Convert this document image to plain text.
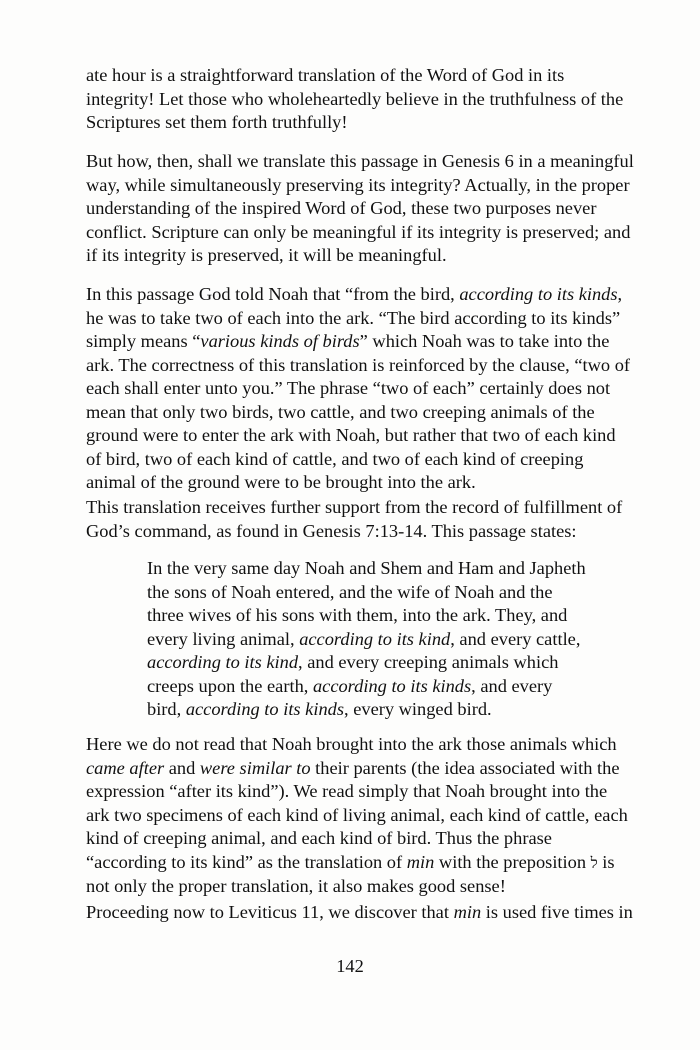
ate hour is a straightforward translation of the Word of God in its integrity! Let those who wholeheartedly believe in the truthfulness of the Scriptures set them forth truthfully!

But how, then, shall we translate this passage in Genesis 6 in a meaningful way, while simultaneously preserving its integrity? Actually, in the proper understanding of the inspired Word of God, these two purposes never conflict. Scripture can only be meaningful if its integrity is preserved; and if its integrity is preserved, it will be meaningful.

In this passage God told Noah that “from the bird, according to its kinds, he was to take two of each into the ark. “The bird according to its kinds” simply means “various kinds of birds” which Noah was to take into the ark. The correctness of this translation is reinforced by the clause, “two of each shall enter unto you.” The phrase “two of each” certainly does not mean that only two birds, two cattle, and two creeping animals of the ground were to enter the ark with Noah, but rather that two of each kind of bird, two of each kind of cattle, and two of each kind of creeping animal of the ground were to be brought into the ark.

This translation receives further support from the record of fulfillment of God’s command, as found in Genesis 7:13-14. This passage states:

In the very same day Noah and Shem and Ham and Japheth the sons of Noah entered, and the wife of Noah and the three wives of his sons with them, into the ark. They, and every living animal, according to its kind, and every cattle, according to its kind, and every creeping animals which creeps upon the earth, according to its kinds, and every bird, according to its kinds, every winged bird.

Here we do not read that Noah brought into the ark those animals which came after and were similar to their parents (the idea associated with the expression “after its kind”). We read simply that Noah brought into the ark two specimens of each kind of living animal, each kind of cattle, each kind of creeping animal, and each kind of bird. Thus the phrase “according to its kind” as the translation of min with the preposition ל is not only the proper translation, it also makes good sense!

Proceeding now to Leviticus 11, we discover that min is used five times in

142
